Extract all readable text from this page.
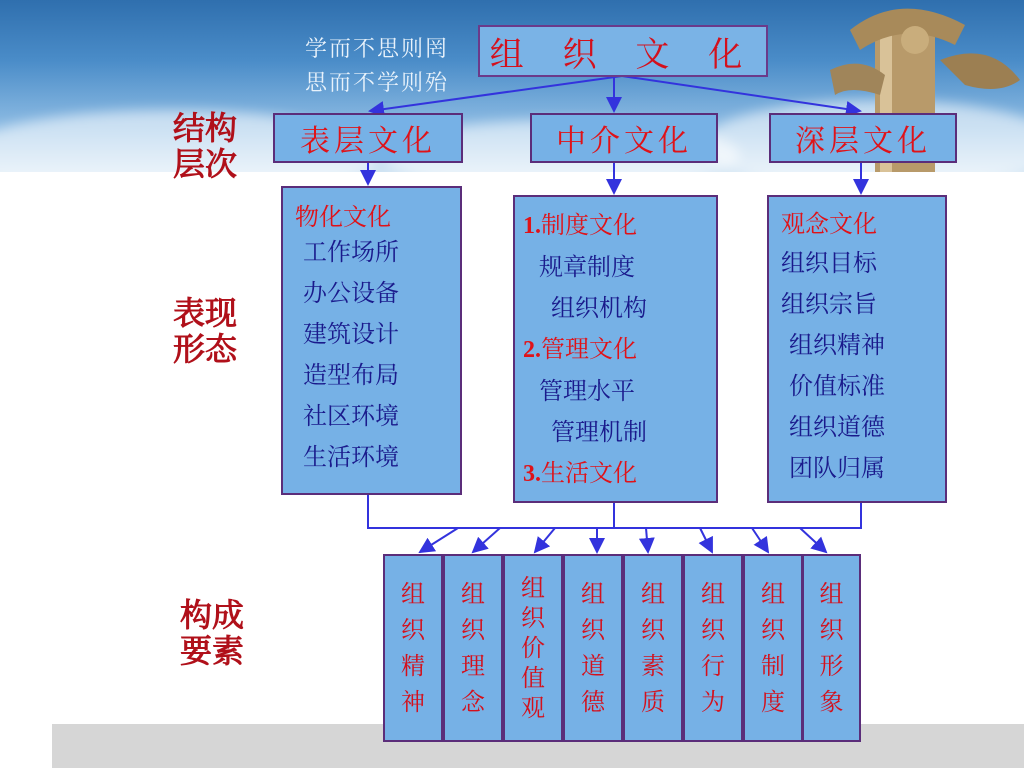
学而不思则罔
思而不学则殆
组 织 文 化
结构
层次
表现
形态
构成
要素
表层文化	中介文化	深层文化
物化文化
工作场所
办公设备
建筑设计
造型布局
社区环境
生活环境
1.制度文化
规章制度
组织机构
2.管理文化
管理水平
管理机制
3.生活文化
观念文化
组织目标
组织宗旨
组织精神
价值标准
组织道德
团队归属
组
织
精
神
组
织
理
念
组
织
价
值
观
组
织
道
德
组
织
素
质
组
织
行
为
组
织
制
度
组
织
形
象
